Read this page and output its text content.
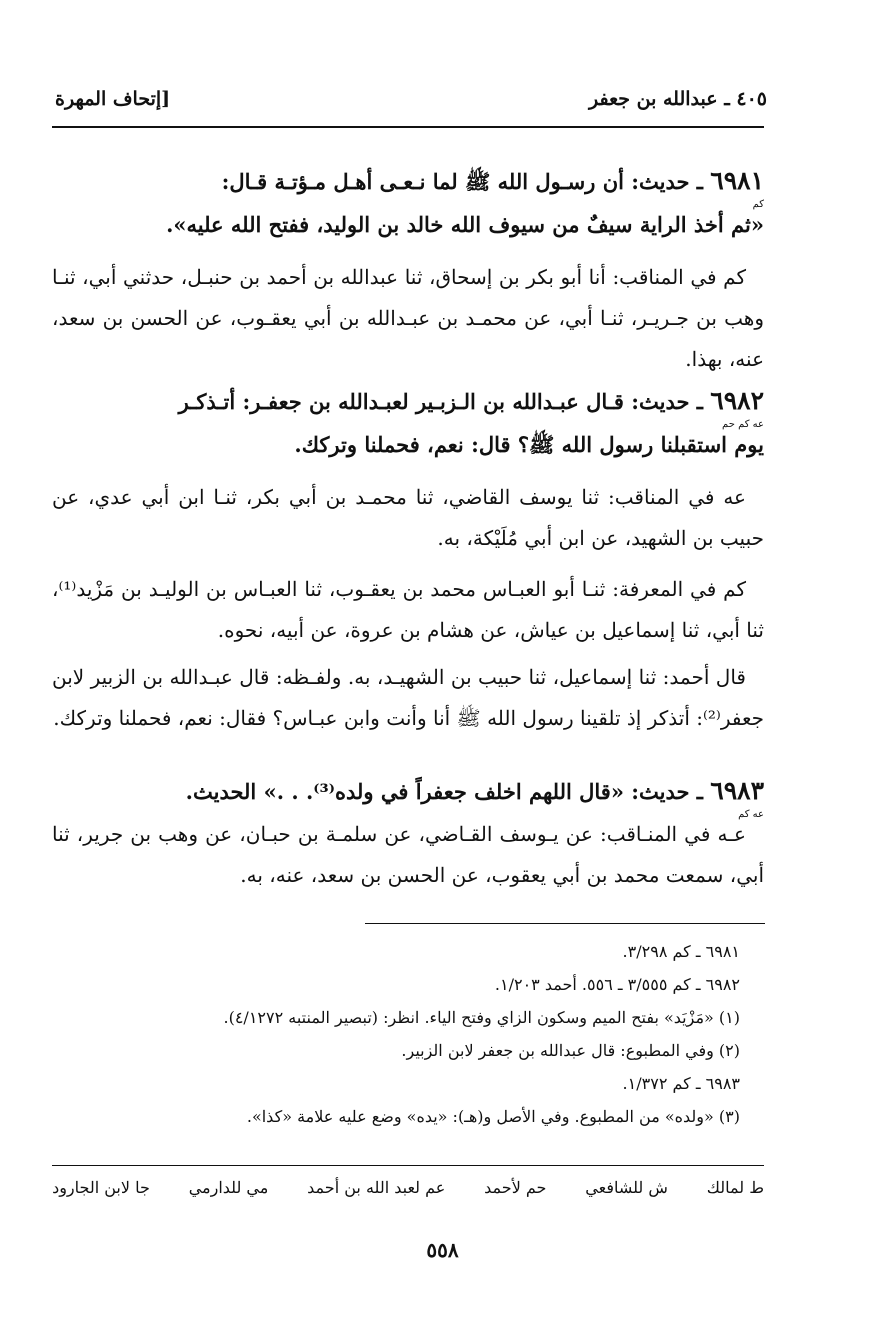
٤٠٥ ـ عبدالله بن جعفر
[إتحاف المهرة
٦٩٨١ ـ حديث: أن رسـول الله ﷺ لما نـعـى أهـل مـؤتـة قـال:
كم
«ثم أخذ الراية سيفٌ من سيوف الله خالد بن الوليد، ففتح الله عليه».
كم في المناقب: أنا أبو بكر بن إسحاق، ثنا عبدالله بن أحمد بن حنبـل، حدثني أبي، ثنـا وهب بن جـريـر، ثنـا أبي، عن محمـد بن عبـدالله بن أبي يعقـوب، عن الحسن بن سعد، عنه، بهذا.
٦٩٨٢ ـ حديث: قـال عبـدالله بن الـزبـير لعبـدالله بن جعفـر: أتـذكـر
عه كم حم
يوم استقبلنا رسول الله ﷺ؟ قال: نعم، فحملنا وتركك.
عه في المناقب: ثنا يوسف القاضي، ثنا محمـد بن أبي بكر، ثنـا ابن أبي عدي، عن حبيب بن الشهيد، عن ابن أبي مُلَيْكة، به.
كم في المعرفة: ثنـا أبو العبـاس محمد بن يعقـوب، ثنا العبـاس بن الوليـد بن مَزْيد⁽¹⁾، ثنا أبي، ثنا إسماعيل بن عياش، عن هشام بن عروة، عن أبيه، نحوه.
قال أحمد: ثنا إسماعيل، ثنا حبيب بن الشهيـد، به. ولفـظه: قال عبـدالله بن الزبير لابن جعفر⁽²⁾: أتذكر إذ تلقينا رسول الله ﷺ أنا وأنت وابن عبـاس؟ فقال: نعم، فحملنا وتركك.
٦٩٨٣ ـ حديث: «قال اللهم اخلف جعفراً في ولده⁽³⁾. . .» الحديث.
عه كم
عـه في المنـاقب: عن يـوسف القـاضي، عن سلمـة بن حبـان، عن وهب بن جرير، ثنا أبي، سمعت محمد بن أبي يعقوب، عن الحسن بن سعد، عنه، به.
٦٩٨١ ـ كم ٣/٢٩٨.
٦٩٨٢ ـ كم ٣/٥٥٥ ـ ٥٥٦. أحمد ١/٢٠٣.
(١) «مَزْيَد» بفتح الميم وسكون الزاي وفتح الياء. انظر: (تبصير المنتبه ٤/١٢٧٢).
(٢) وفي المطبوع: قال عبدالله بن جعفر لابن الزبير.
٦٩٨٣ ـ كم ١/٣٧٢.
(٣) «ولده» من المطبوع. وفي الأصل و(هـ): «يده» وضع عليه علامة «كذا».
ط لمالك
ش للشافعي
حم لأحمد
عم لعبد الله بن أحمد
مي للدارمي
جا لابن الجارود
٥٥٨
